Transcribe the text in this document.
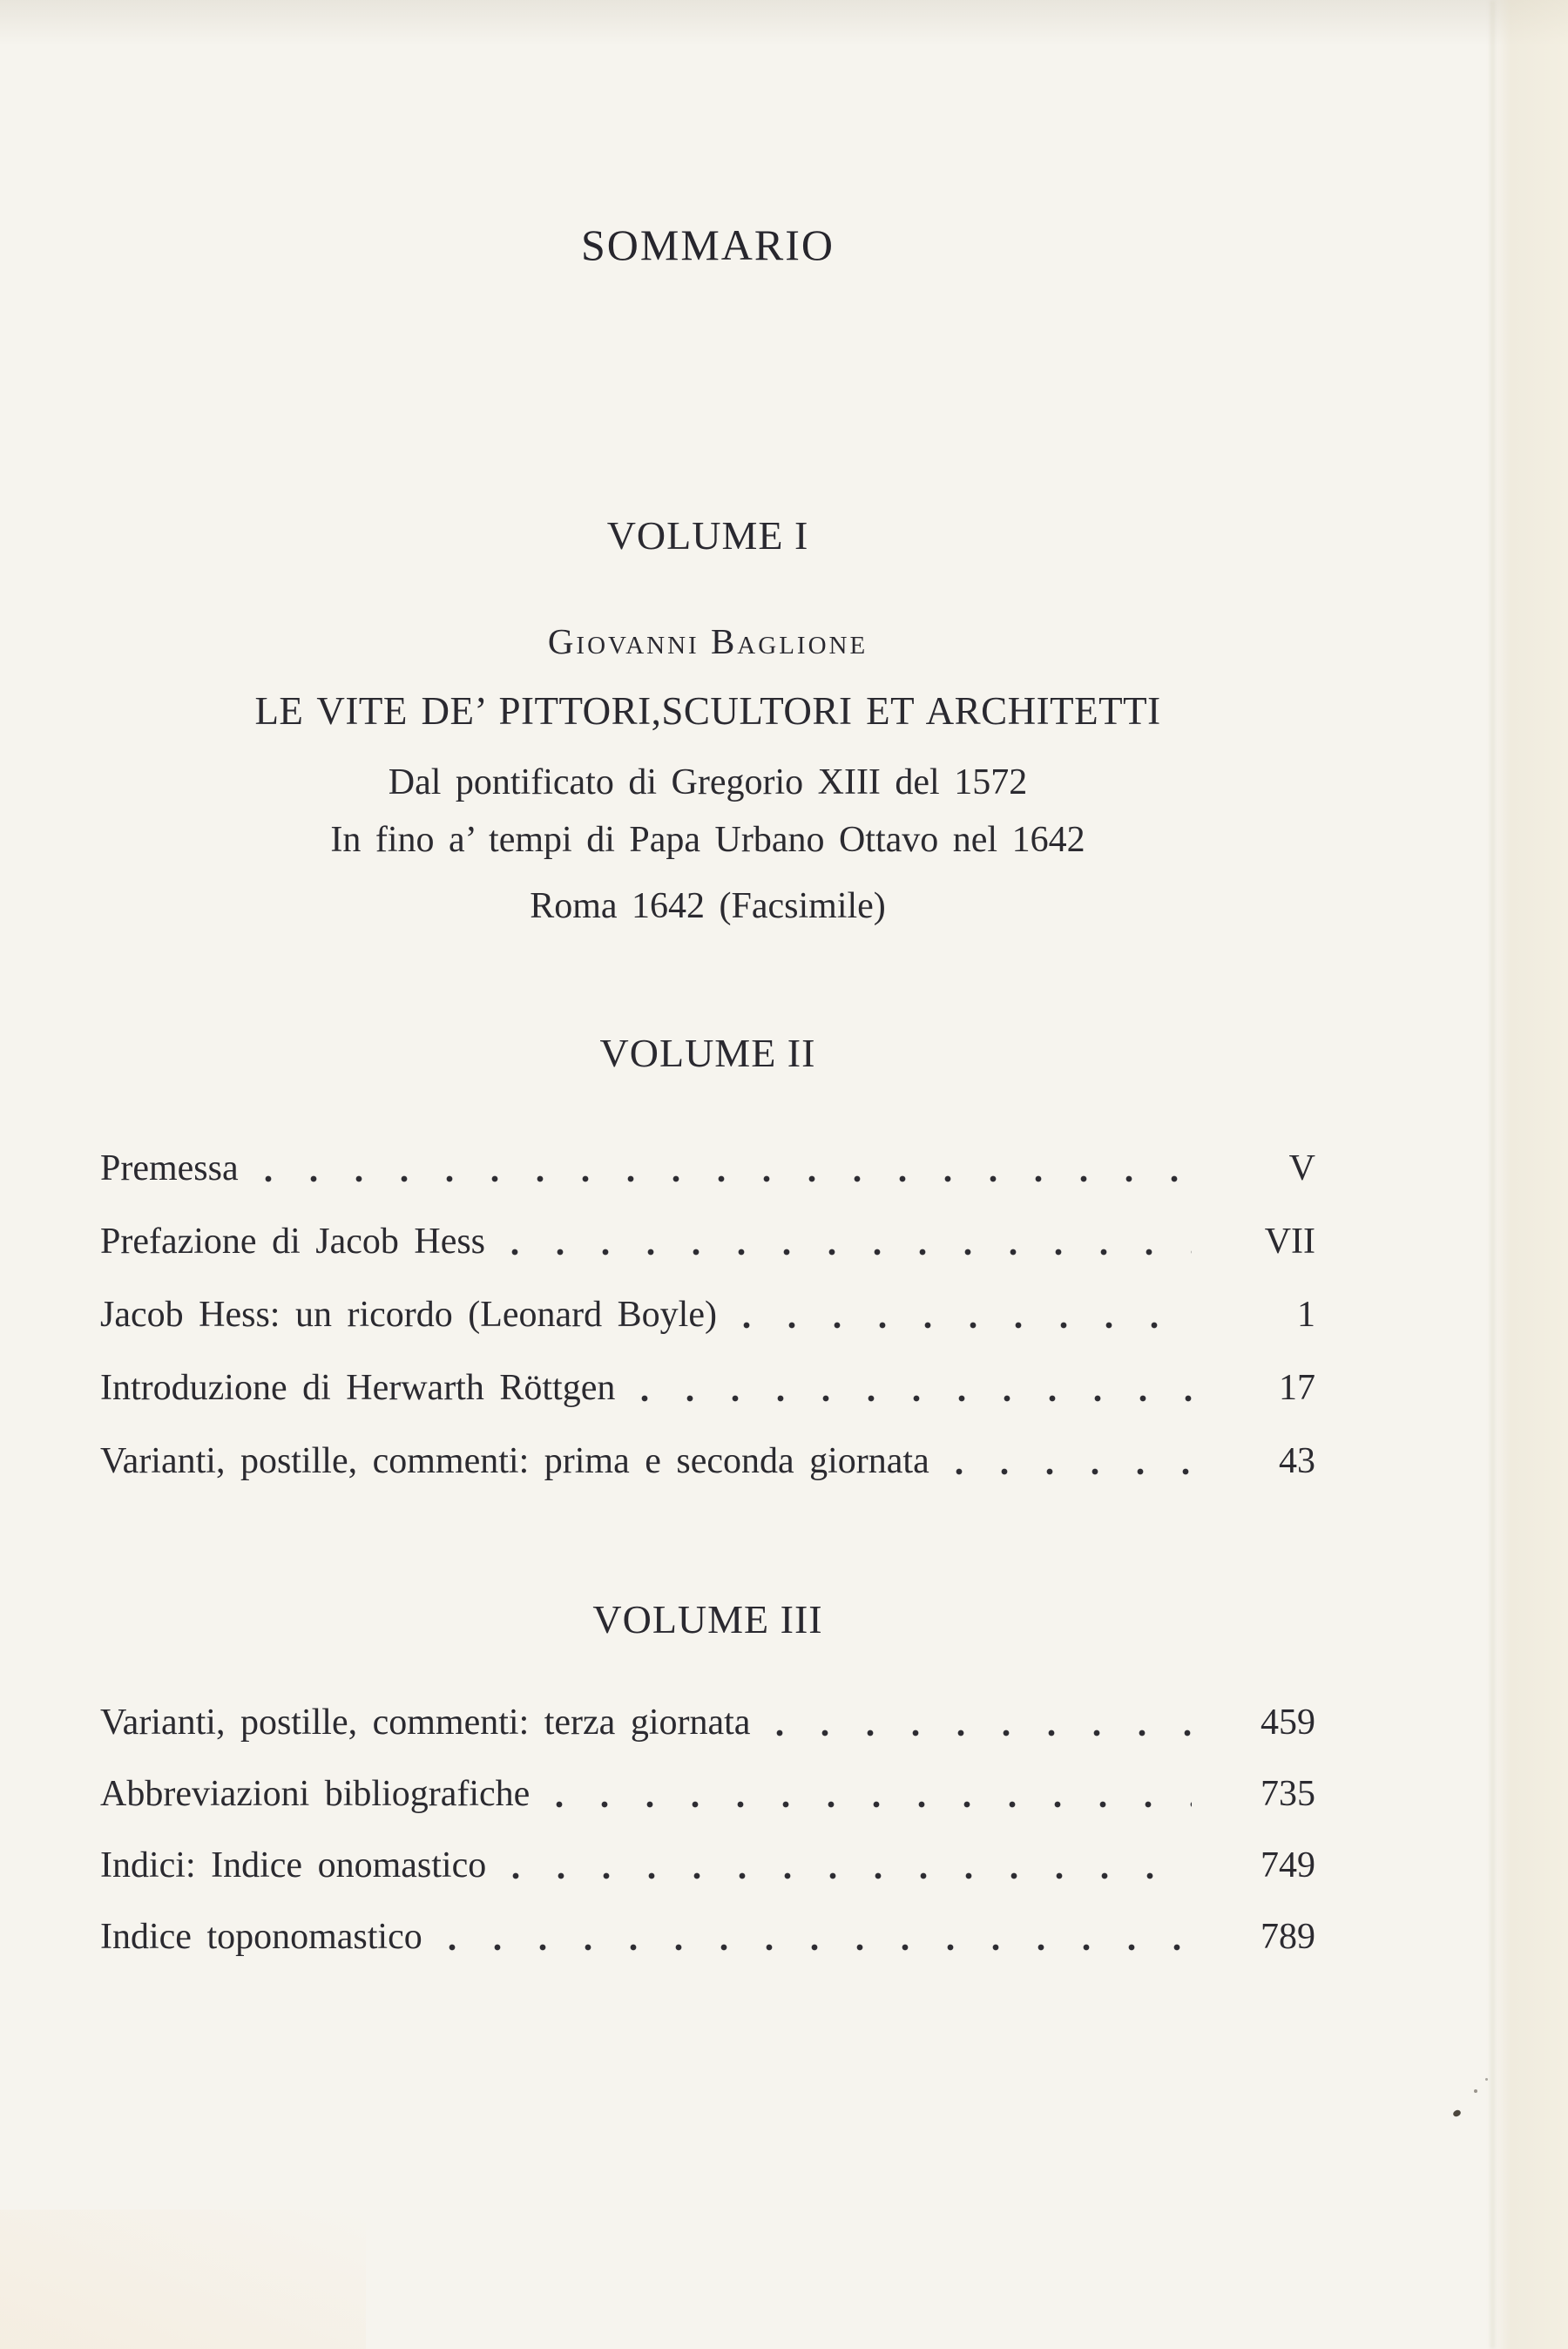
SOMMARIO
VOLUME I

Giovanni Baglione

LE VITE DE’ PITTORI,SCULTORI ET ARCHITETTI

Dal pontificato di Gregorio XIII del 1572

In fino a’ tempi di Papa Urbano Ottavo nel 1642

Roma 1642 (Facsimile)

VOLUME II
Premessa	V
Prefazione di Jacob Hess	VII
Jacob Hess: un ricordo (Leonard Boyle)	1
Introduzione di Herwarth Röttgen	17
Varianti, postille, commenti: prima e seconda giornata	43
VOLUME III
Varianti, postille, commenti: terza giornata	459
Abbreviazioni bibliografiche	735
Indici: Indice onomastico	749
Indice toponomastico	789
